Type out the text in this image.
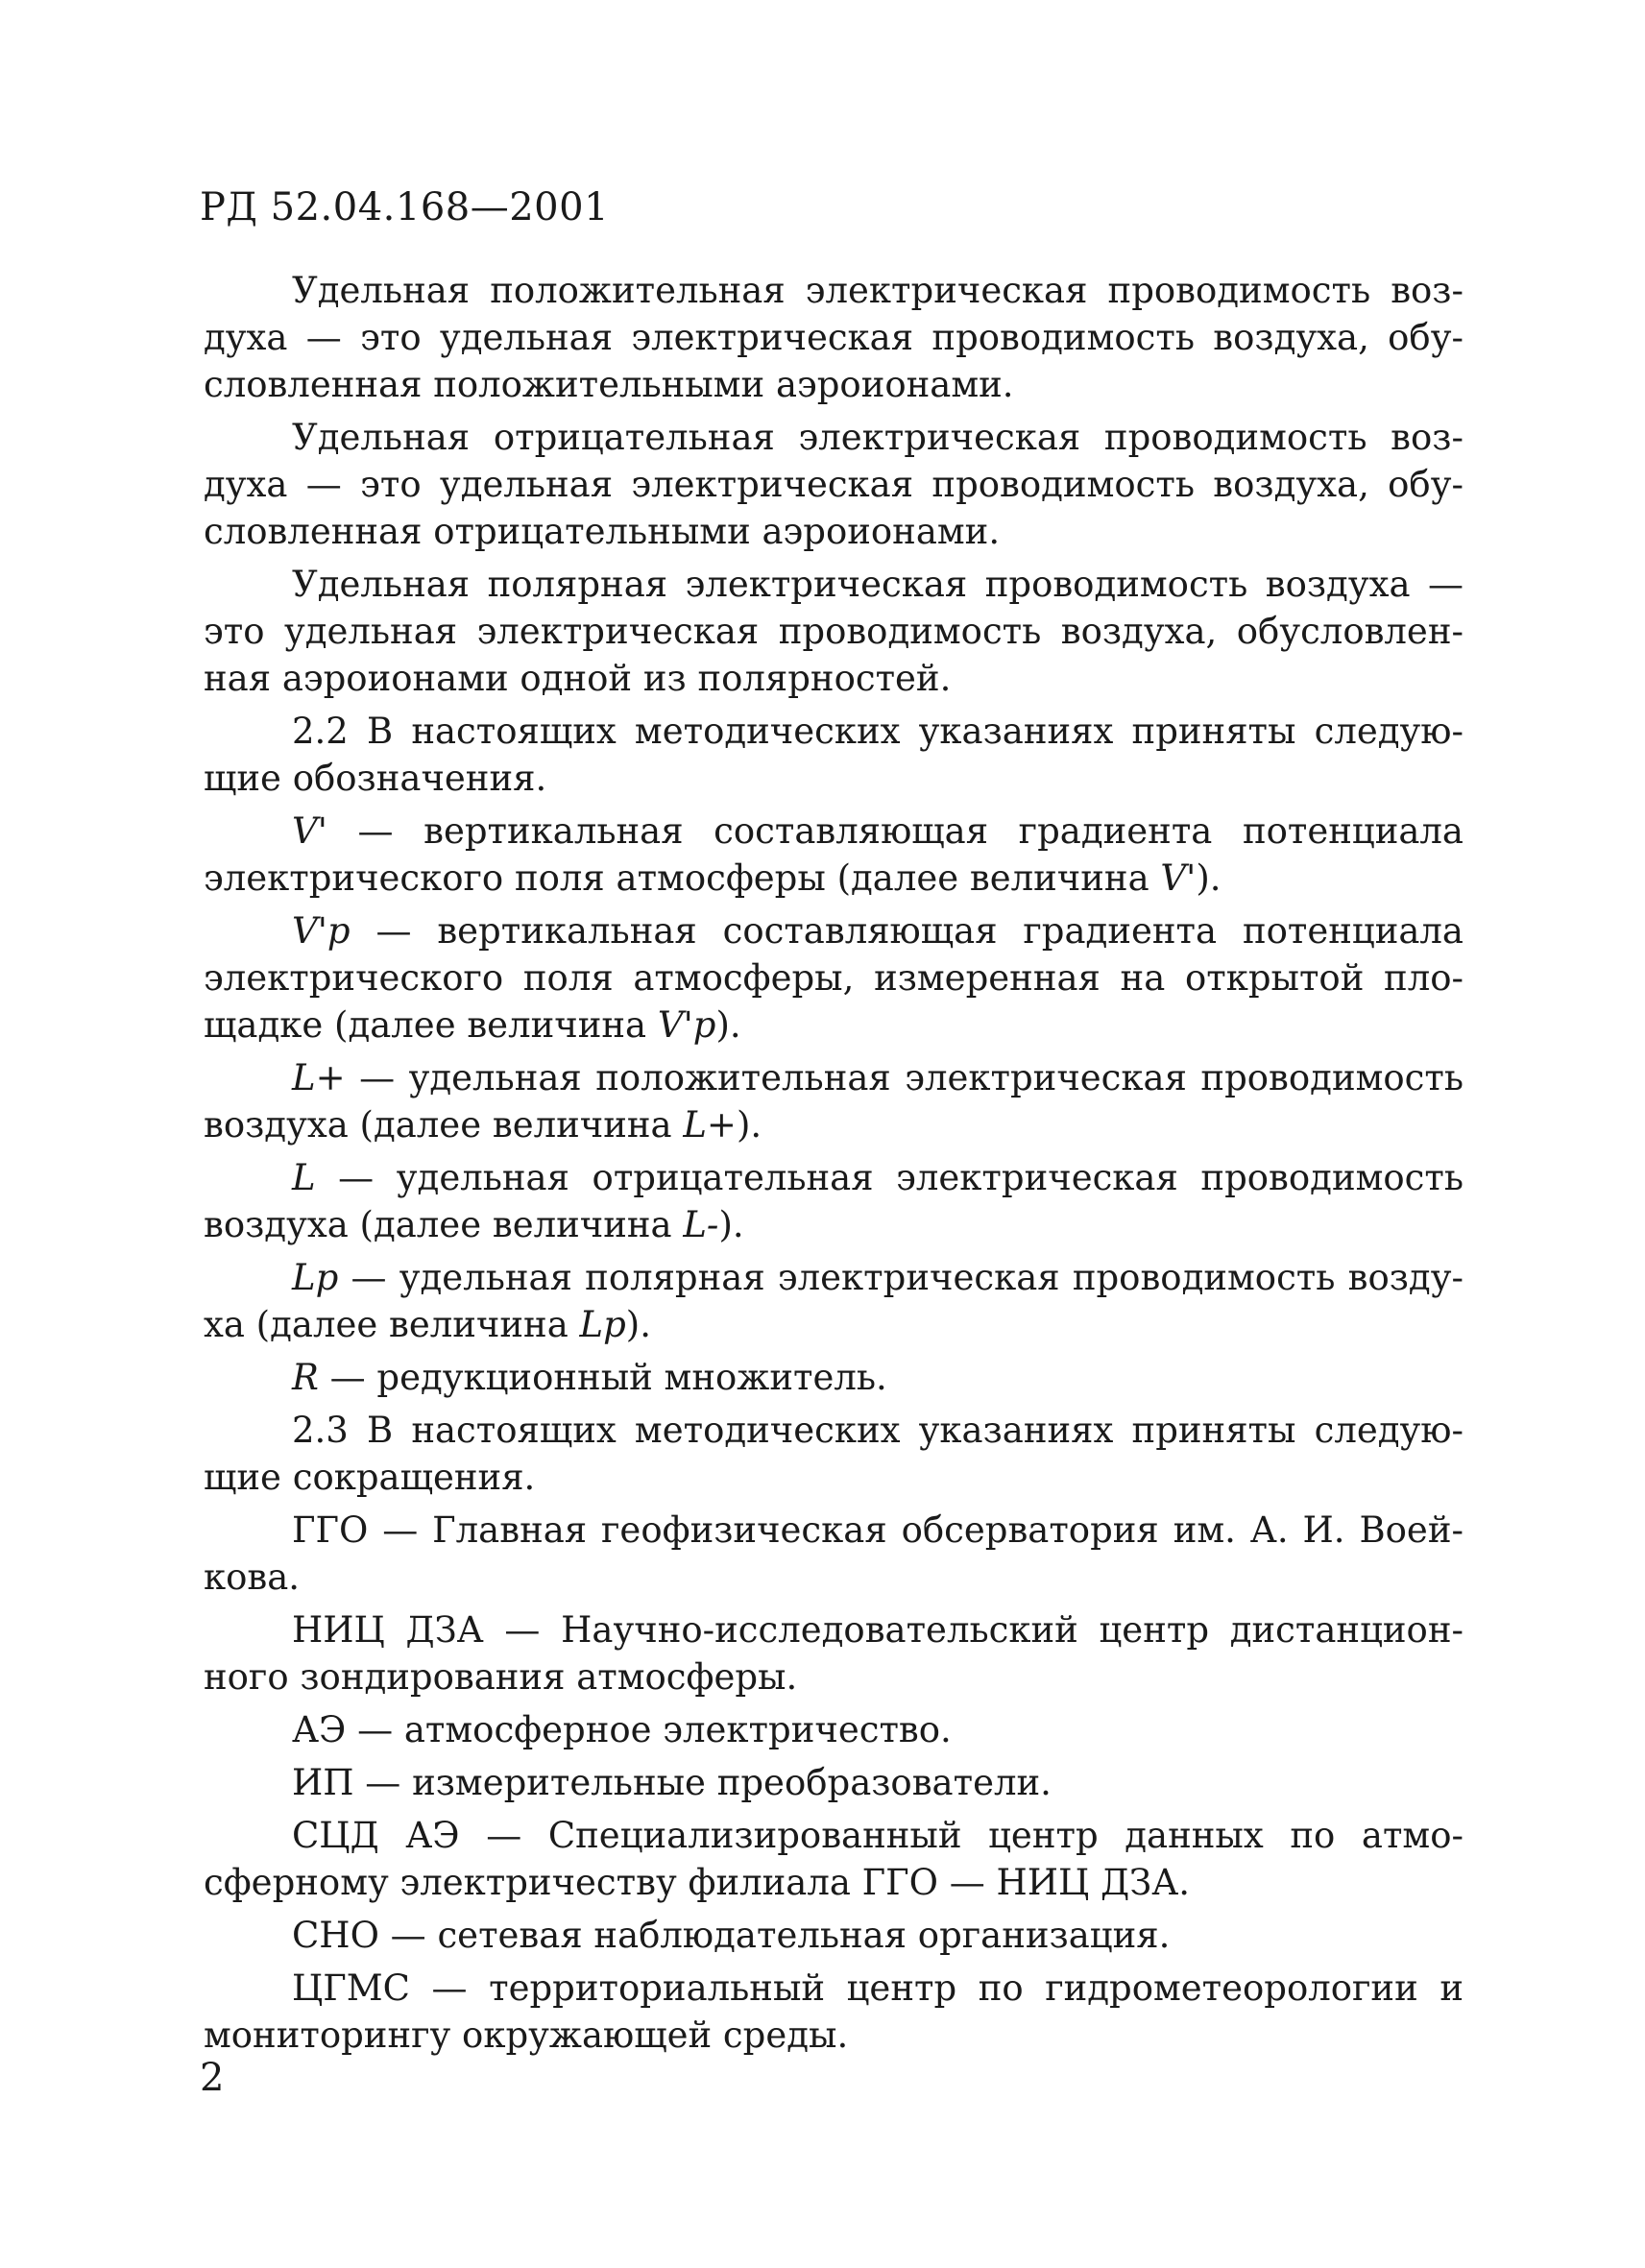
РД 52.04.168—2001

Удельная положительная электрическая проводимость воздуха — это удельная электрическая проводимость воздуха, обусловленная положительными аэроионами.

Удельная отрицательная электрическая проводимость воздуха — это удельная электрическая проводимость воздуха, обусловленная отрицательными аэроионами.

Удельная полярная электрическая проводимость воздуха — это удельная электрическая проводимость воздуха, обусловленная аэроионами одной из полярностей.

2.2 В настоящих методических указаниях приняты следующие обозначения.

V' — вертикальная составляющая градиента потенциала электрического поля атмосферы (далее величина V').

V'p — вертикальная составляющая градиента потенциала электрического поля атмосферы, измеренная на открытой площадке (далее величина V'p).

L+ — удельная положительная электрическая проводимость воздуха (далее величина L+).

L — удельная отрицательная электрическая проводимость воздуха (далее величина L-).

Lp — удельная полярная электрическая проводимость воздуха (далее величина Lp).

R — редукционный множитель.

2.3 В настоящих методических указаниях приняты следующие сокращения.

ГГО — Главная геофизическая обсерватория им. А. И. Воейкова.

НИЦ ДЗА — Научно-исследовательский центр дистанционного зондирования атмосферы.

АЭ — атмосферное электричество.

ИП — измерительные преобразователи.

СЦД АЭ — Специализированный центр данных по атмосферному электричеству филиала ГГО — НИЦ ДЗА.

СНО — сетевая наблюдательная организация.

ЦГМС — территориальный центр по гидрометеорологии и мониторингу окружающей среды.

2
